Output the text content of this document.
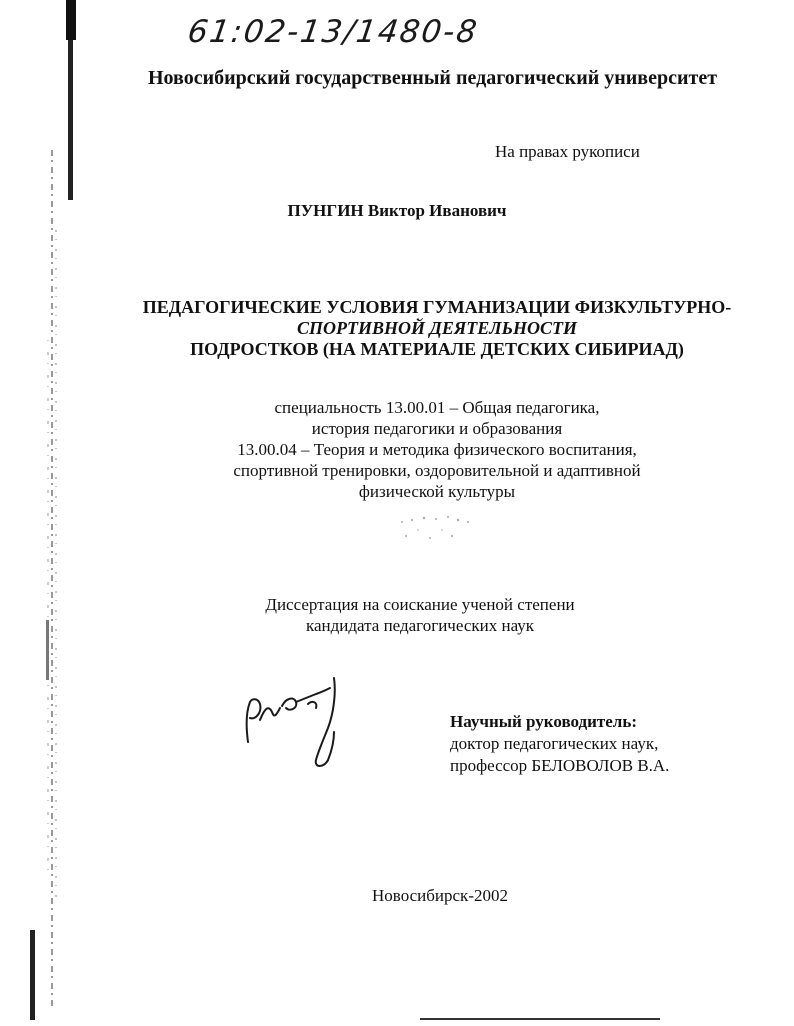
61:02-13/1480-8
Новосибирский государственный педагогический университет
На правах рукописи
ПУНГИН Виктор Иванович
ПЕДАГОГИЧЕСКИЕ УСЛОВИЯ ГУМАНИЗАЦИИ ФИЗКУЛЬТУРНО-
СПОРТИВНОЙ ДЕЯТЕЛЬНОСТИ
ПОДРОСТКОВ (НА МАТЕРИАЛЕ ДЕТСКИХ СИБИРИАД)
специальность 13.00.01 – Общая педагогика,
история педагогики и образования
13.00.04 – Теория и методика физического воспитания,
спортивной тренировки, оздоровительной и адаптивной
физической культуры
Диссертация на соискание ученой степени
кандидата педагогических наук
Научный руководитель:
доктор педагогических наук,
профессор БЕЛОВОЛОВ В.А.
Новосибирск-2002
